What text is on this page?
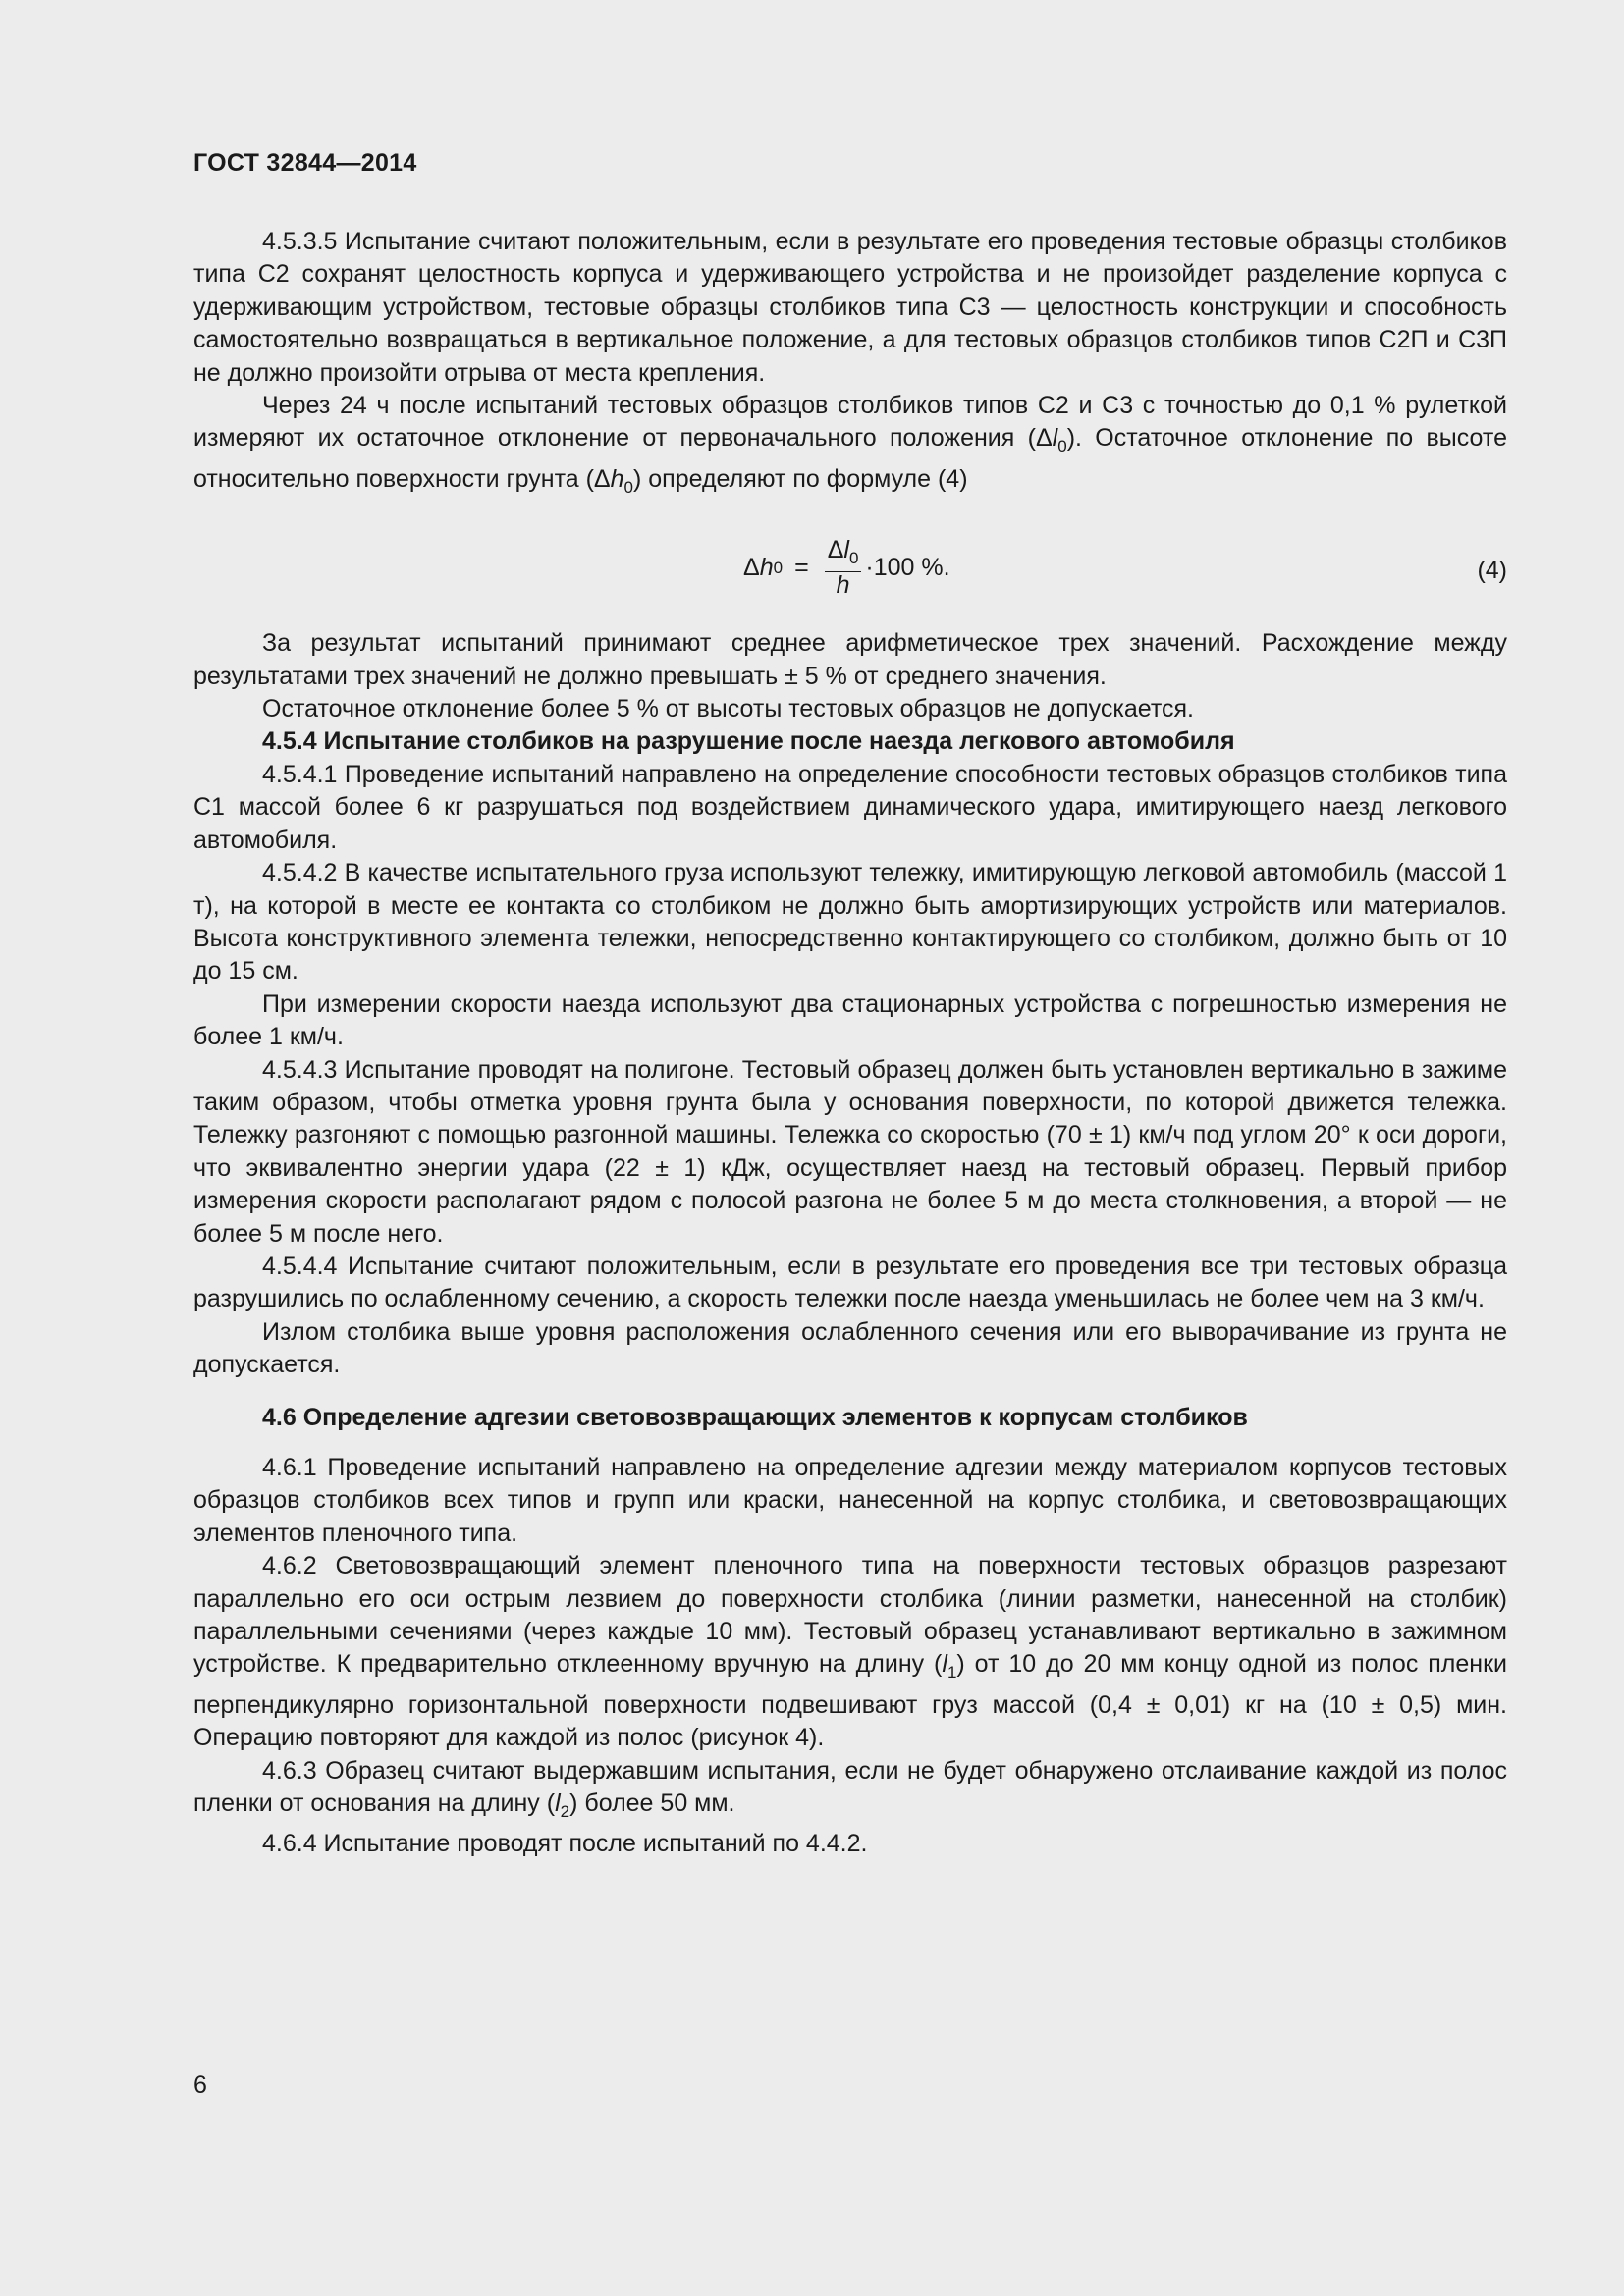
ГОСТ 32844—2014

4.5.3.5 Испытание считают положительным, если в результате его проведения тестовые образцы столбиков типа С2 сохранят целостность корпуса и удерживающего устройства и не произойдет разделение корпуса с удерживающим устройством, тестовые образцы столбиков типа С3 — целостность конструкции и способность самостоятельно возвращаться в вертикальное положение, а для тестовых образцов столбиков типов С2П и С3П не должно произойти отрыва от места крепления.

Через 24 ч после испытаний тестовых образцов столбиков типов С2 и С3 с точностью до 0,1 % рулеткой измеряют их остаточное отклонение от первоначального положения $(\Delta l_0)$. Остаточное отклонение по высоте относительно поверхности грунта $(\Delta h_0)$ определяют по формуле (4)

Δ h $0 = \frac{\Delta l_0}{h} \cdot 100$ %.	(4)

За результат испытаний принимают среднее арифметическое трех значений. Расхождение между результатами трех значений не должно превышать ± 5 % от среднего значения.

Остаточное отклонение более 5 % от высоты тестовых образцов не допускается.

4.5.4 Испытание столбиков на разрушение после наезда легкового автомобиля

4.5.4.1 Проведение испытаний направлено на определение способности тестовых образцов столбиков типа С1 массой более 6 кг разрушаться под воздействием динамического удара, имитирующего наезд легкового автомобиля.

4.5.4.2 В качестве испытательного груза используют тележку, имитирующую легковой автомобиль (массой 1 т), на которой в месте ее контакта со столбиком не должно быть амортизирующих устройств или материалов. Высота конструктивного элемента тележки, непосредственно контактирующего со столбиком, должно быть от 10 до 15 см.

При измерении скорости наезда используют два стационарных устройства с погрешностью измерения не более 1 км/ч.

4.5.4.3 Испытание проводят на полигоне. Тестовый образец должен быть установлен вертикально в зажиме таким образом, чтобы отметка уровня грунта была у основания поверхности, по которой движется тележка. Тележку разгоняют с помощью разгонной машины. Тележка со скоростью (70 ± 1) км/ч под углом 20° к оси дороги, что эквивалентно энергии удара (22 ± 1) кДж, осуществляет наезд на тестовый образец. Первый прибор измерения скорости располагают рядом с полосой разгона не более 5 м до места столкновения, а второй — не более 5 м после него.

4.5.4.4 Испытание считают положительным, если в результате его проведения все три тестовых образца разрушились по ослабленному сечению, а скорость тележки после наезда уменьшилась не более чем на 3 км/ч.

Излом столбика выше уровня расположения ослабленного сечения или его выворачивание из грунта не допускается.

4.6 Определение адгезии световозвращающих элементов к корпусам столбиков

4.6.1 Проведение испытаний направлено на определение адгезии между материалом корпусов тестовых образцов столбиков всех типов и групп или краски, нанесенной на корпус столбика, и световозвращающих элементов пленочного типа.

4.6.2 Световозвращающий элемент пленочного типа на поверхности тестовых образцов разрезают параллельно его оси острым лезвием до поверхности столбика (линии разметки, нанесенной на столбик) параллельными сечениями (через каждые 10 мм). Тестовый образец устанавливают вертикально в зажимном устройстве. К предварительно отклеенному вручную на длину $(l_1)$ от 10 до 20 мм концу одной из полос пленки перпендикулярно горизонтальной поверхности подвешивают груз массой (0,4 ± 0,01) кг на (10 ± 0,5) мин. Операцию повторяют для каждой из полос (рисунок 4).

4.6.3 Образец считают выдержавшим испытания, если не будет обнаружено отслаивание каждой из полос пленки от основания на длину $(l_2)$ более 50 мм.

4.6.4 Испытание проводят после испытаний по 4.4.2.

6
